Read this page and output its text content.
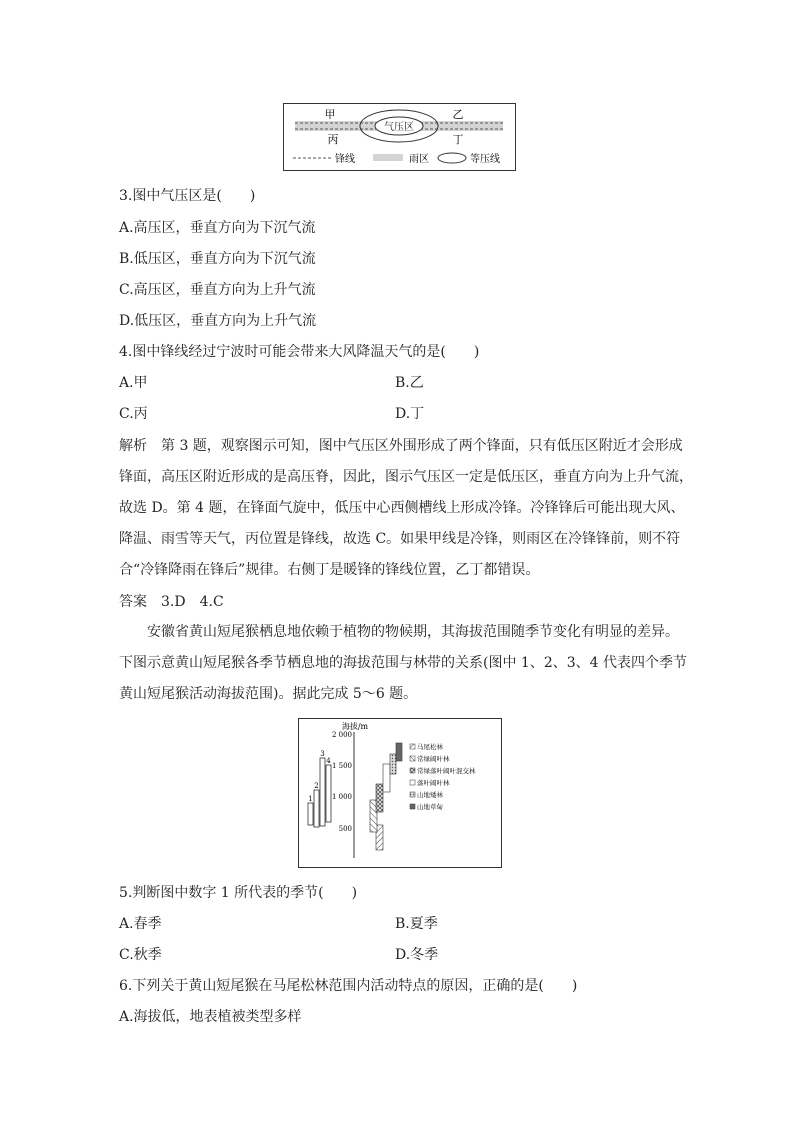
气压区
甲	乙
丙	丁
锋线	雨区	等压线
3.图中气压区是(　　)
A.高压区，垂直方向为下沉气流
B.低压区，垂直方向为下沉气流
C.高压区，垂直方向为上升气流
D.低压区，垂直方向为上升气流
4.图中锋线经过宁波时可能会带来大风降温天气的是(　　)
A.甲	B.乙
C.丙	D.丁
解析　第 3 题，观察图示可知，图中气压区外围形成了两个锋面，只有低压区附近才会形成
锋面，高压区附近形成的是高压脊，因此，图示气压区一定是低压区，垂直方向为上升气流，
故选 D。第 4 题，在锋面气旋中，低压中心西侧槽线上形成冷锋。冷锋锋后可能出现大风、
降温、雨雪等天气，丙位置是锋线，故选 C。如果甲线是冷锋，则雨区在冷锋锋前，则不符
合“冷锋降雨在锋后”规律。右侧丁是暖锋的锋线位置，乙丁都错误。
答案　3.D　4.C
安徽省黄山短尾猴栖息地依赖于植物的物候期，其海拔范围随季节变化有明显的差异。
下图示意黄山短尾猴各季节栖息地的海拔范围与林带的关系(图中 1、2、3、4 代表四个季节
黄山短尾猴活动海拔范围)。据此完成 5～6 题。
海拔/m
2 000
1 500
1 000
500
1
2
3
4
马尾松林
常绿阔叶林
常绿落叶阔叶混交林
落叶阔叶林
山地矮林
山地草甸
5.判断图中数字 1 所代表的季节(　　)
A.春季	B.夏季
C.秋季	D.冬季
6.下列关于黄山短尾猴在马尾松林范围内活动特点的原因，正确的是(　　)
A.海拔低，地表植被类型多样
